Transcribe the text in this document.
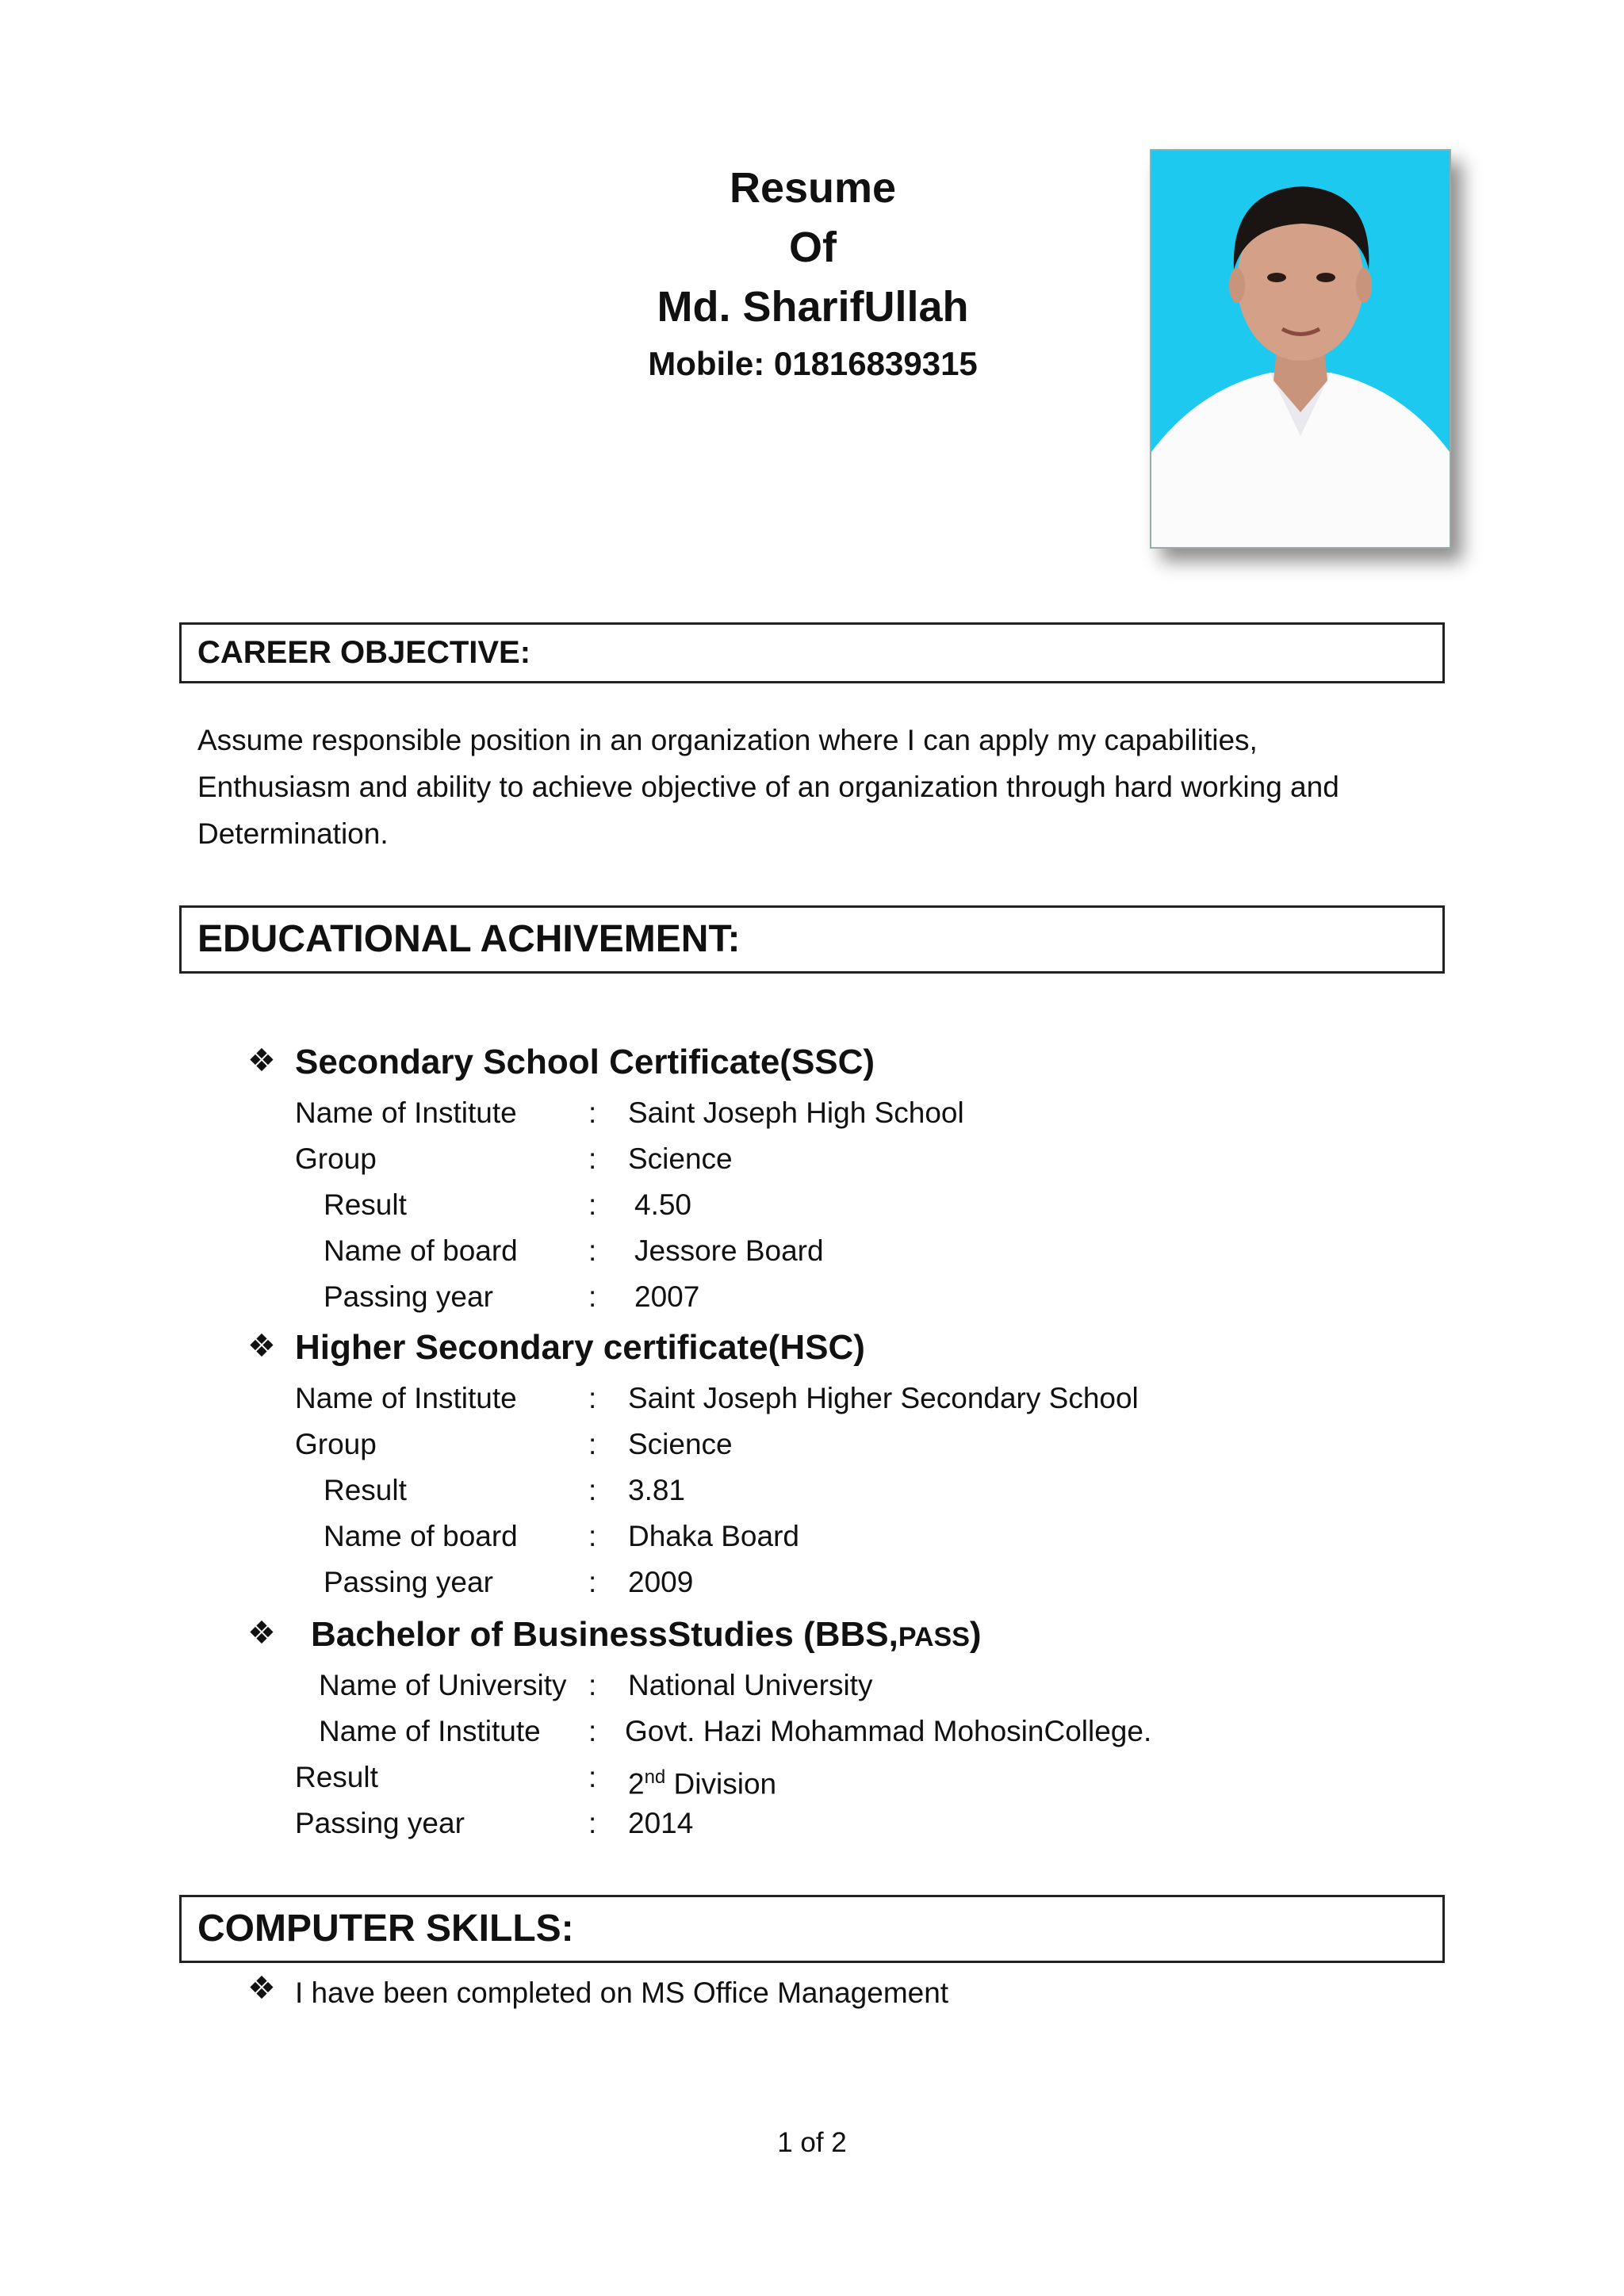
Resume
Of
Md. SharifUllah
Mobile: 01816839315
CAREER OBJECTIVE:
Assume responsible position in an organization where I can apply my capabilities,
Enthusiasm and ability to achieve objective of an organization through hard working and
Determination.
EDUCATIONAL ACHIVEMENT:
❖ Secondary School Certificate(SSC)
Name of Institute : Saint Joseph High School
Group	: Science
Result	: 4.50
Name of board : Jessore Board
Passing year	: 2007
❖ Higher Secondary certificate(HSC)
Name of Institute : Saint Joseph Higher Secondary School
Group	: Science
Result	: 3.81
Name of board : Dhaka Board
Passing year	: 2009
❖ Bachelor of BusinessStudies (BBS,PASS)
Name of University : National University
Name of Institute : Govt. Hazi Mohammad MohosinCollege.
Result	: 2nd Division
Passing year	: 2014
COMPUTER SKILLS:
❖ I have been completed on MS Office Management
1 of 2
